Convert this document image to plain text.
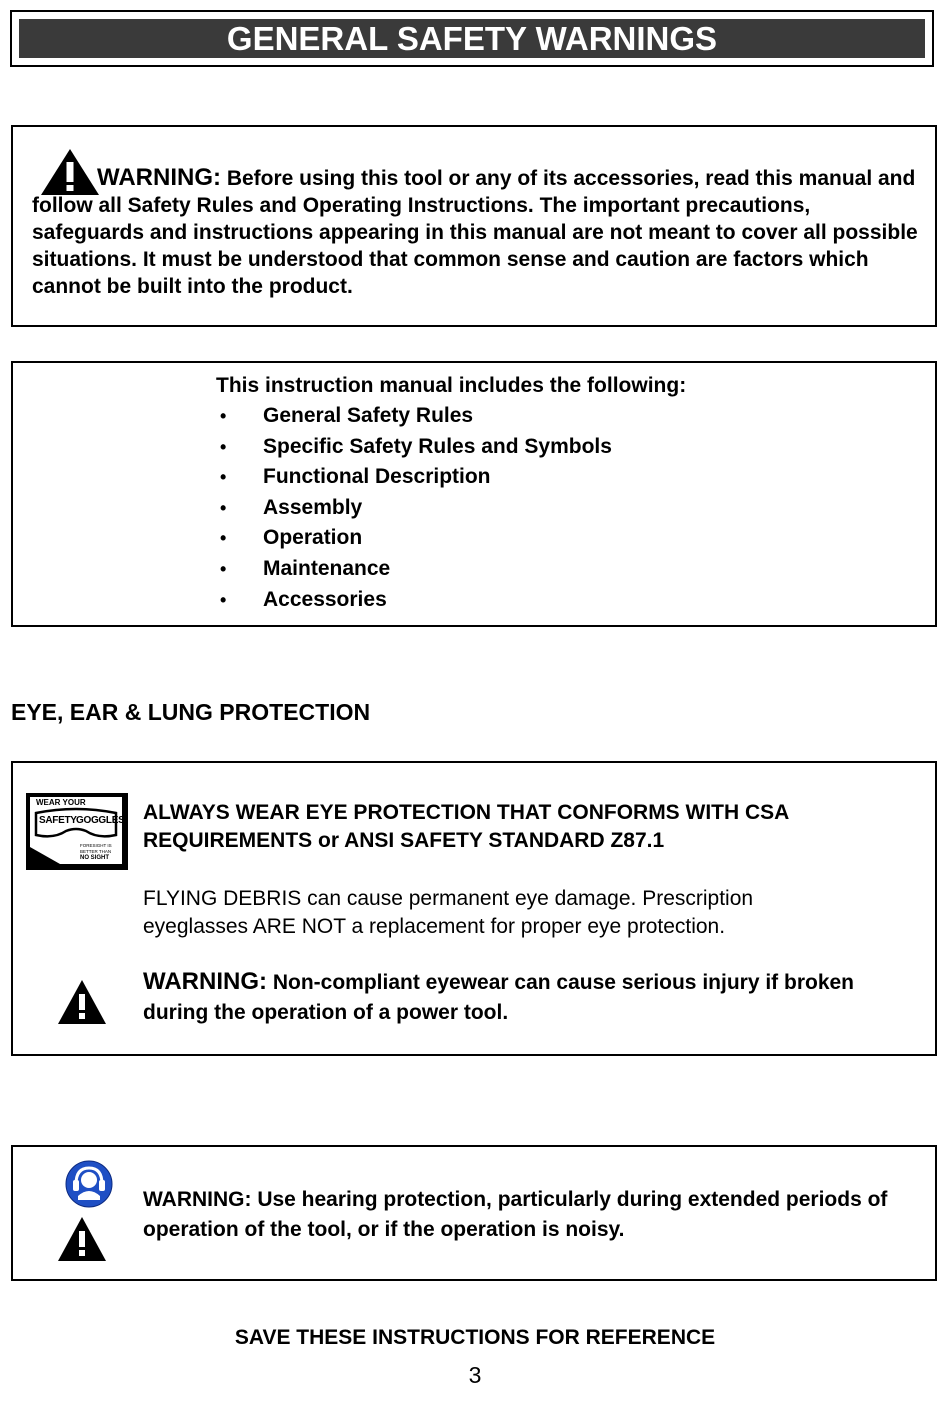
GENERAL SAFETY WARNINGS

WARNING: Before using this tool or any of its accessories, read this manual and follow all Safety Rules and Operating Instructions. The important precautions, safeguards and instructions appearing in this manual are not meant to cover all possible situations. It must be understood that common sense and caution are factors which cannot be built into the product.

This instruction manual includes the following:

• General Safety Rules
• Specific Safety Rules and Symbols
• Functional Description
• Assembly
• Operation
• Maintenance
• Accessories
EYE, EAR & LUNG PROTECTION
WEAR YOUR
SAFETY GOGGLES
FORESIGHT IS
BETTER THAN
NO SIGHT

ALWAYS WEAR EYE PROTECTION THAT CONFORMS WITH CSA REQUIREMENTS or ANSI SAFETY STANDARD Z87.1

FLYING DEBRIS can cause permanent eye damage. Prescription eyeglasses ARE NOT a replacement for proper eye protection.

WARNING: Non-compliant eyewear can cause serious injury if broken during the operation of a power tool.

WARNING: Use hearing protection, particularly during extended periods of operation of the tool, or if the operation is noisy.

SAVE THESE INSTRUCTIONS FOR REFERENCE
3
